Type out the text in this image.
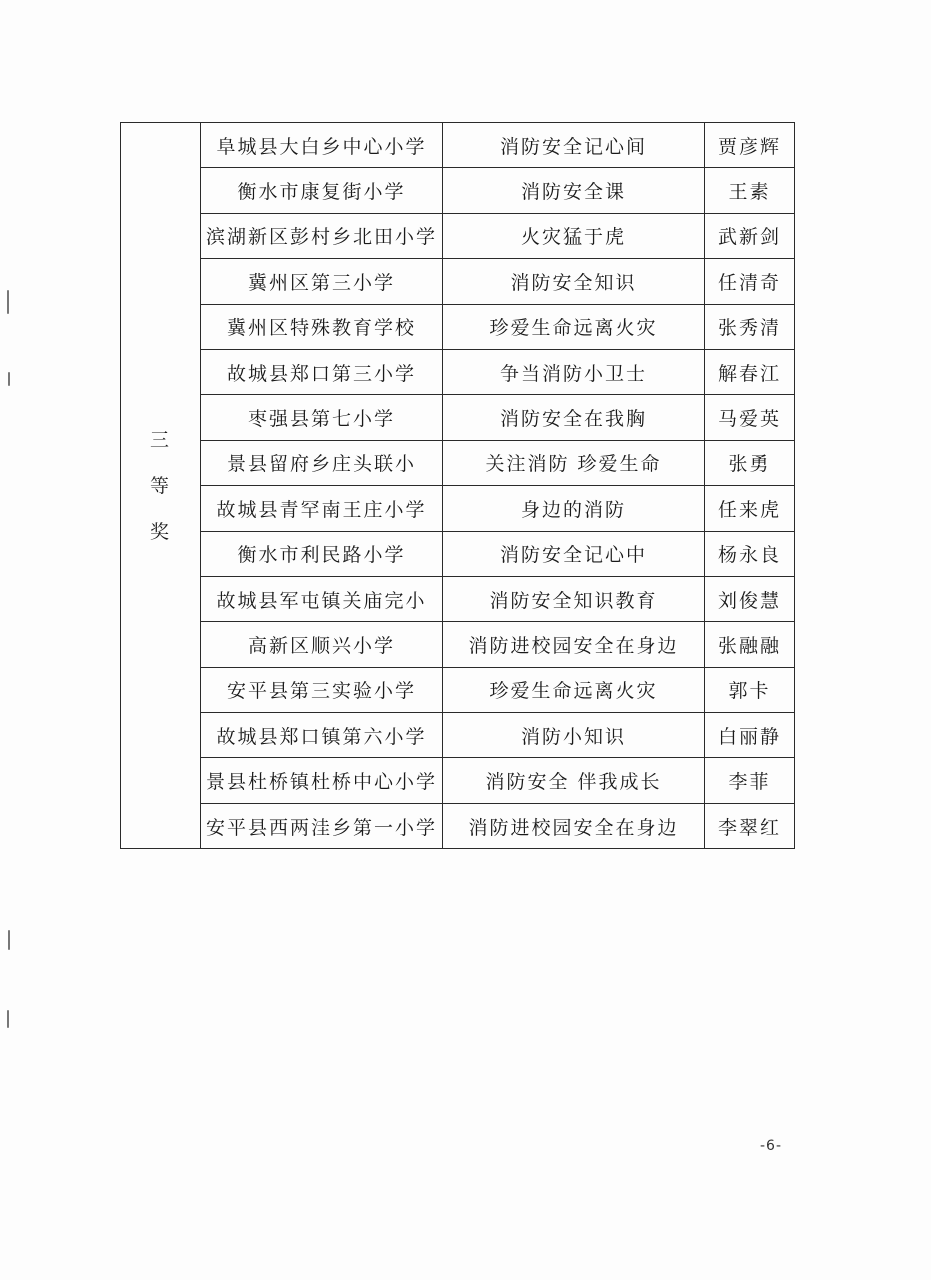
三
等
奖	阜城县大白乡中心小学	消防安全记心间	贾彦辉
	衡水市康复街小学	消防安全课	王素
	滨湖新区彭村乡北田小学	火灾猛于虎	武新剑
	冀州区第三小学	消防安全知识	任清奇
	冀州区特殊教育学校	珍爱生命远离火灾	张秀清
	故城县郑口第三小学	争当消防小卫士	解春江
	枣强县第七小学	消防安全在我胸	马爱英
	景县留府乡庄头联小	关注消防 珍爱生命	张勇
	故城县青罕南王庄小学	身边的消防	任来虎
	衡水市利民路小学	消防安全记心中	杨永良
	故城县军屯镇关庙完小	消防安全知识教育	刘俊慧
	高新区顺兴小学	消防进校园安全在身边	张融融
	安平县第三实验小学	珍爱生命远离火灾	郭卡
	故城县郑口镇第六小学	消防小知识	白丽静
	景县杜桥镇杜桥中心小学	消防安全 伴我成长	李菲
	安平县西两洼乡第一小学	消防进校园安全在身边	李翠红
-6-
